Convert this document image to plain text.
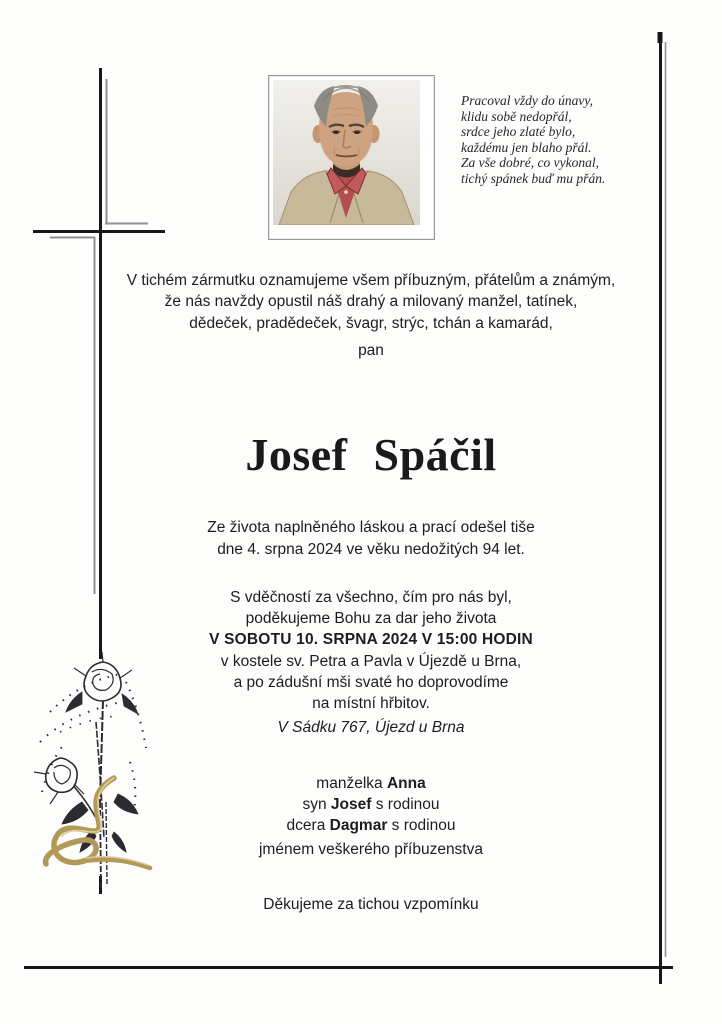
Pracoval vždy do únavy,
klidu sobě nedopřál,
srdce jeho zlaté bylo,
každému jen blaho přál.
Za vše dobré, co vykonal,
tichý spánek buď mu přán.
V tichém zármutku oznamujeme všem příbuzným, přátelům a známým,
že nás navždy opustil náš drahý a milovaný manžel, tatínek,
dědeček, pradědeček, švagr, strýc, tchán a kamarád,
pan
Josef Spáčil
Ze života naplněného láskou a prací odešel tiše
dne 4. srpna 2024 ve věku nedožitých 94 let.
S vděčností za všechno, čím pro nás byl,
poděkujeme Bohu za dar jeho života
V SOBOTU 10. SRPNA 2024 V 15:00 HODIN
v kostele sv. Petra a Pavla v Újezdě u Brna,
a po zádušní mši svaté ho doprovodíme
na místní hřbitov.
V Sádku 767, Újezd u Brna
manželka Anna
syn Josef s rodinou
dcera Dagmar s rodinou
jménem veškerého příbuzenstva
Děkujeme za tichou vzpomínku
